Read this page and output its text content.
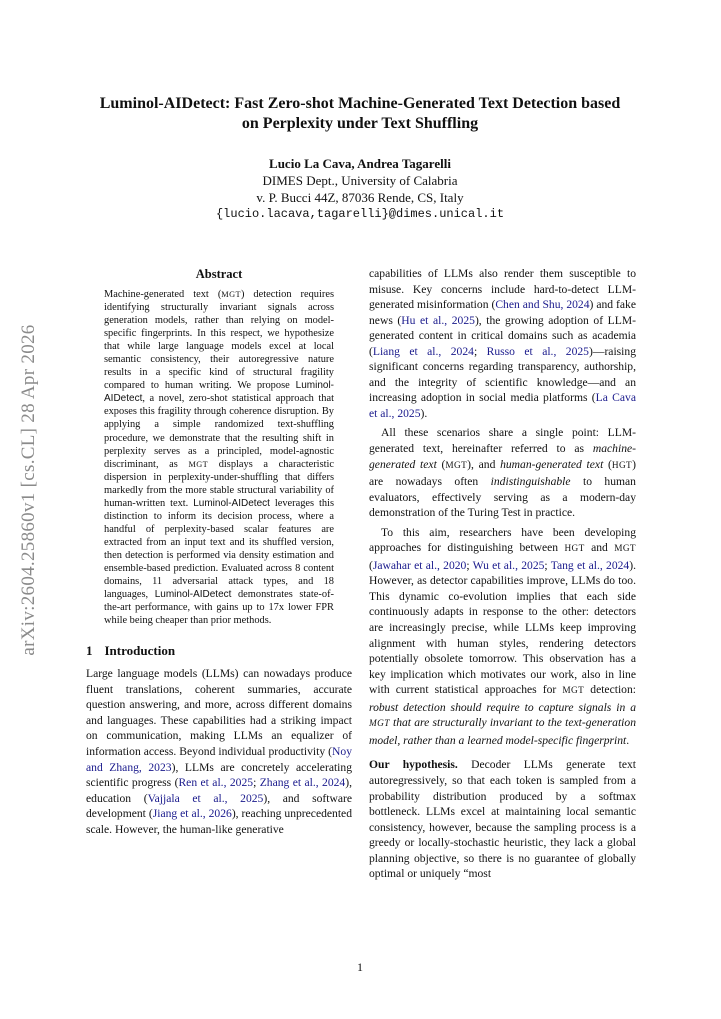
arXiv:2604.25860v1 [cs.CL] 28 Apr 2026
Luminol-AIDetect: Fast Zero-shot Machine-Generated Text Detection based on Perplexity under Text Shuffling
Lucio La Cava, Andrea Tagarelli
DIMES Dept., University of Calabria
v. P. Bucci 44Z, 87036 Rende, CS, Italy
{lucio.lacava,tagarelli}@dimes.unical.it
Abstract

Machine-generated text (MGT) detection requires identifying structurally invariant signals across generation models, rather than relying on model-specific fingerprints. In this respect, we hypothesize that while large language models excel at local semantic consistency, their autoregressive nature results in a specific kind of structural fragility compared to human writing. We propose Luminol-AIDetect, a novel, zero-shot statistical approach that exposes this fragility through coherence disruption. By applying a simple randomized text-shuffling procedure, we demonstrate that the resulting shift in perplexity serves as a principled, model-agnostic discriminant, as MGT displays a characteristic dispersion in perplexity-under-shuffling that differs markedly from the more stable structural variability of human-written text. Luminol-AIDetect leverages this distinction to inform its decision process, where a handful of perplexity-based scalar features are extracted from an input text and its shuffled version, then detection is performed via density estimation and ensemble-based prediction. Evaluated across 8 content domains, 11 adversarial attack types, and 18 languages, Luminol-AIDetect demonstrates state-of-the-art performance, with gains up to 17x lower FPR while being cheaper than prior methods.

1 Introduction

Large language models (LLMs) can nowadays produce fluent translations, coherent summaries, accurate question answering, and more, across different domains and languages. These capabilities had a striking impact on communication, making LLMs an equalizer of information access. Beyond individual productivity (Noy and Zhang, 2023), LLMs are concretely accelerating scientific progress (Ren et al., 2025; Zhang et al., 2024), education (Vajjala et al., 2025), and software development (Jiang et al., 2026), reaching unprecedented scale. However, the human-like generative

capabilities of LLMs also render them susceptible to misuse. Key concerns include hard-to-detect LLM-generated misinformation (Chen and Shu, 2024) and fake news (Hu et al., 2025), the growing adoption of LLM-generated content in critical domains such as academia (Liang et al., 2024; Russo et al., 2025)—raising significant concerns regarding transparency, authorship, and the integrity of scientific knowledge—and an increasing adoption in social media platforms (La Cava et al., 2025).

All these scenarios share a single point: LLM-generated text, hereinafter referred to as machine-generated text (MGT), and human-generated text (HGT) are nowadays often indistinguishable to human evaluators, effectively serving as a modern-day demonstration of the Turing Test in practice.

To this aim, researchers have been developing approaches for distinguishing between HGT and MGT (Jawahar et al., 2020; Wu et al., 2025; Tang et al., 2024). However, as detector capabilities improve, LLMs do too. This dynamic co-evolution implies that each side continuously adapts in response to the other: detectors are increasingly precise, while LLMs keep improving alignment with human styles, rendering detectors potentially obsolete tomorrow. This observation has a key implication which motivates our work, also in line with current statistical approaches for MGT detection: robust detection should require to capture signals in a MGT that are structurally invariant to the text-generation model, rather than a learned model-specific fingerprint.

Our hypothesis. Decoder LLMs generate text autoregressively, so that each token is sampled from a probability distribution produced by a softmax bottleneck. LLMs excel at maintaining local semantic consistency, however, because the sampling process is a greedy or locally-stochastic heuristic, they lack a global planning objective, so there is no guarantee of globally optimal or uniquely “most

1
